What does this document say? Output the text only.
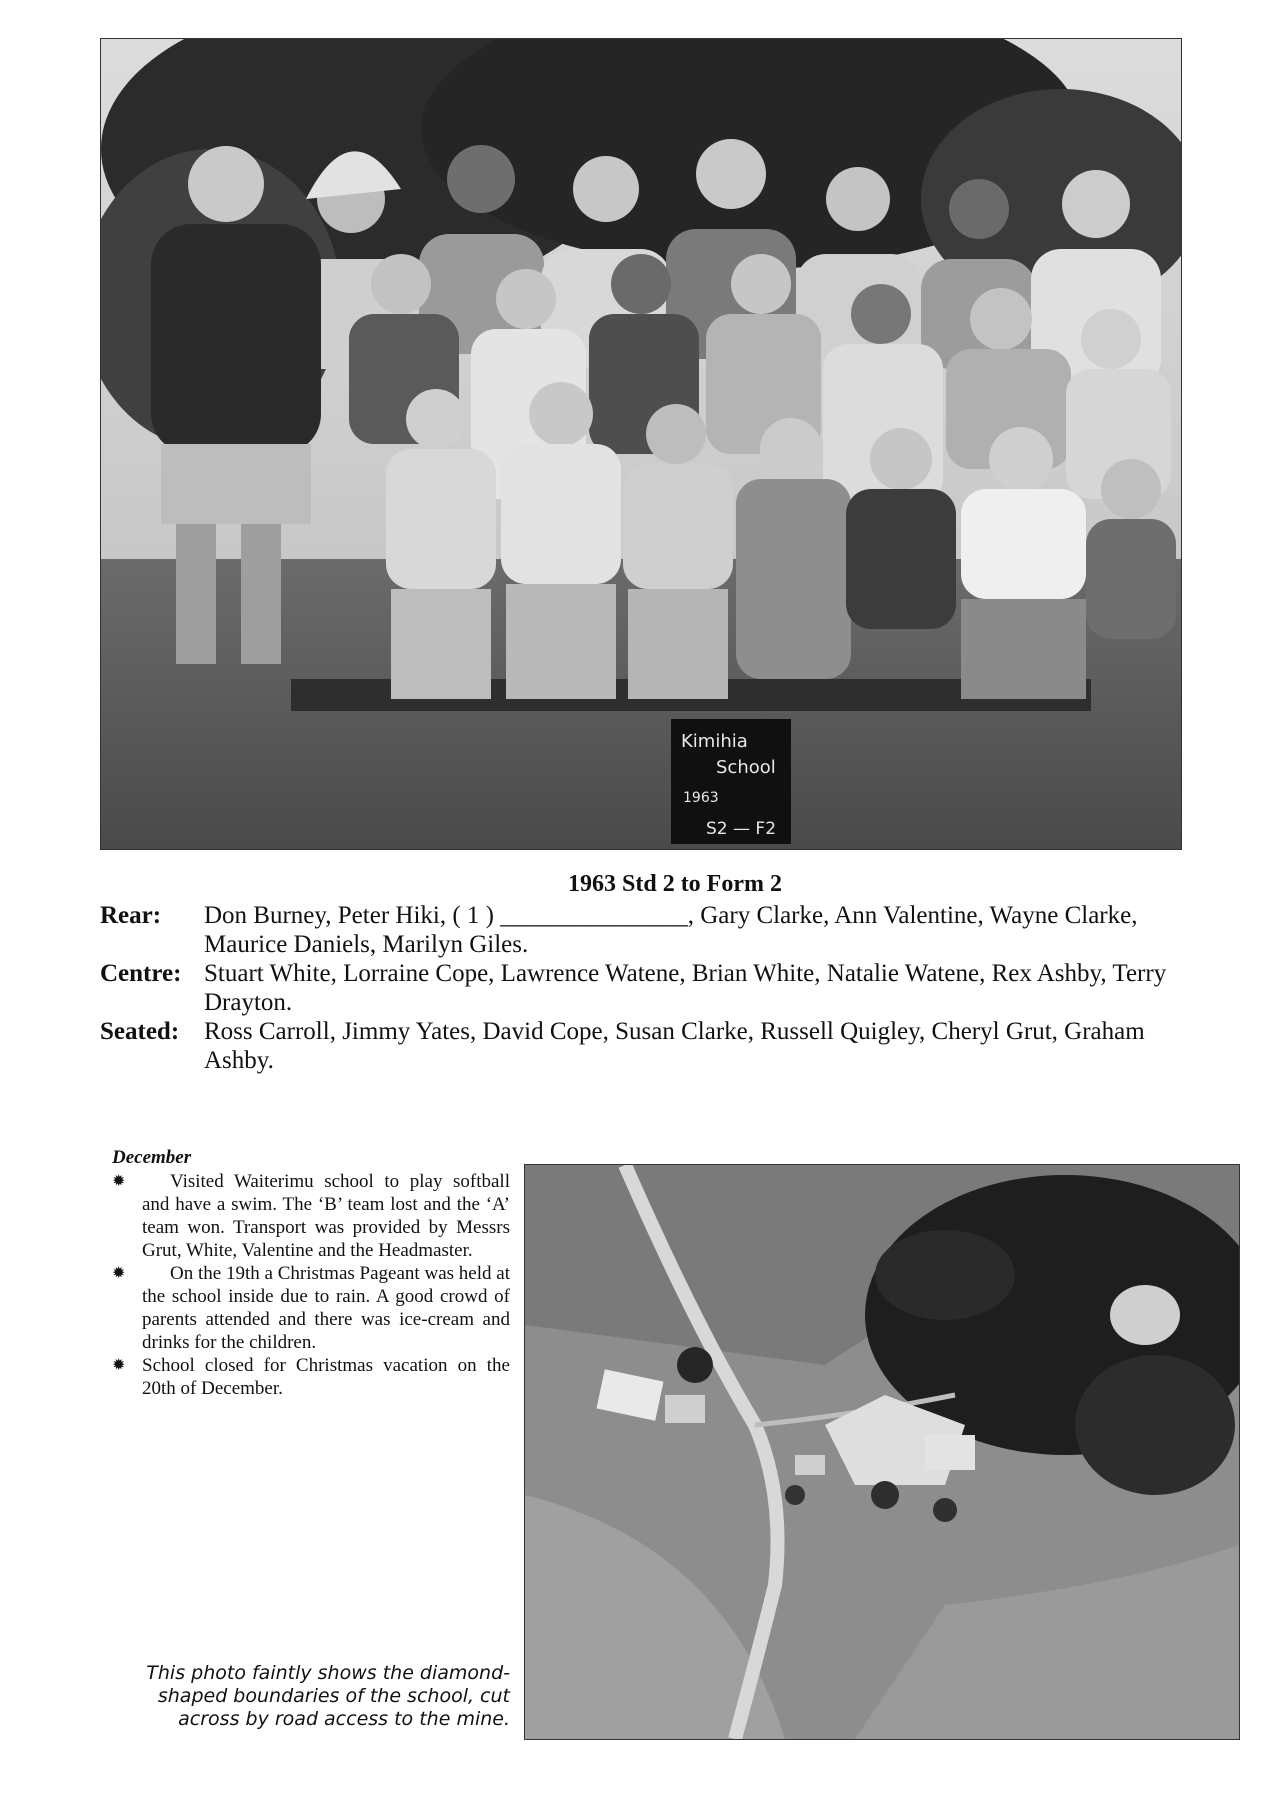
Kimihia
School
1963
S2 — F2
1963 Std 2 to Form 2
Rear:	Don Burney, Peter Hiki, ( 1 ) _______________, Gary Clarke, Ann Valentine, Wayne Clarke, Maurice Daniels, Marilyn Giles.
Centre: Stuart White, Lorraine Cope, Lawrence Watene, Brian White, Natalie Watene, Rex Ashby, Terry Drayton.
Seated: Ross Carroll, Jimmy Yates, David Cope, Susan Clarke, Russell Quigley, Cheryl Grut, Graham Ashby.
December
✹	Visited Waiterimu school to play softball and have a swim. The ‘B’ team lost and the ‘A’ team won. Transport was provided by Messrs Grut, White, Valentine and the Headmaster.
✹	On the 19th a Christmas Pageant was held at the school inside due to rain. A good crowd of parents attended and there was ice-cream and drinks for the children.
✹ School closed for Christmas vacation on the 20th of December.
This photo faintly shows the diamond-shaped boundaries of the school, cut across by road access to the mine.
